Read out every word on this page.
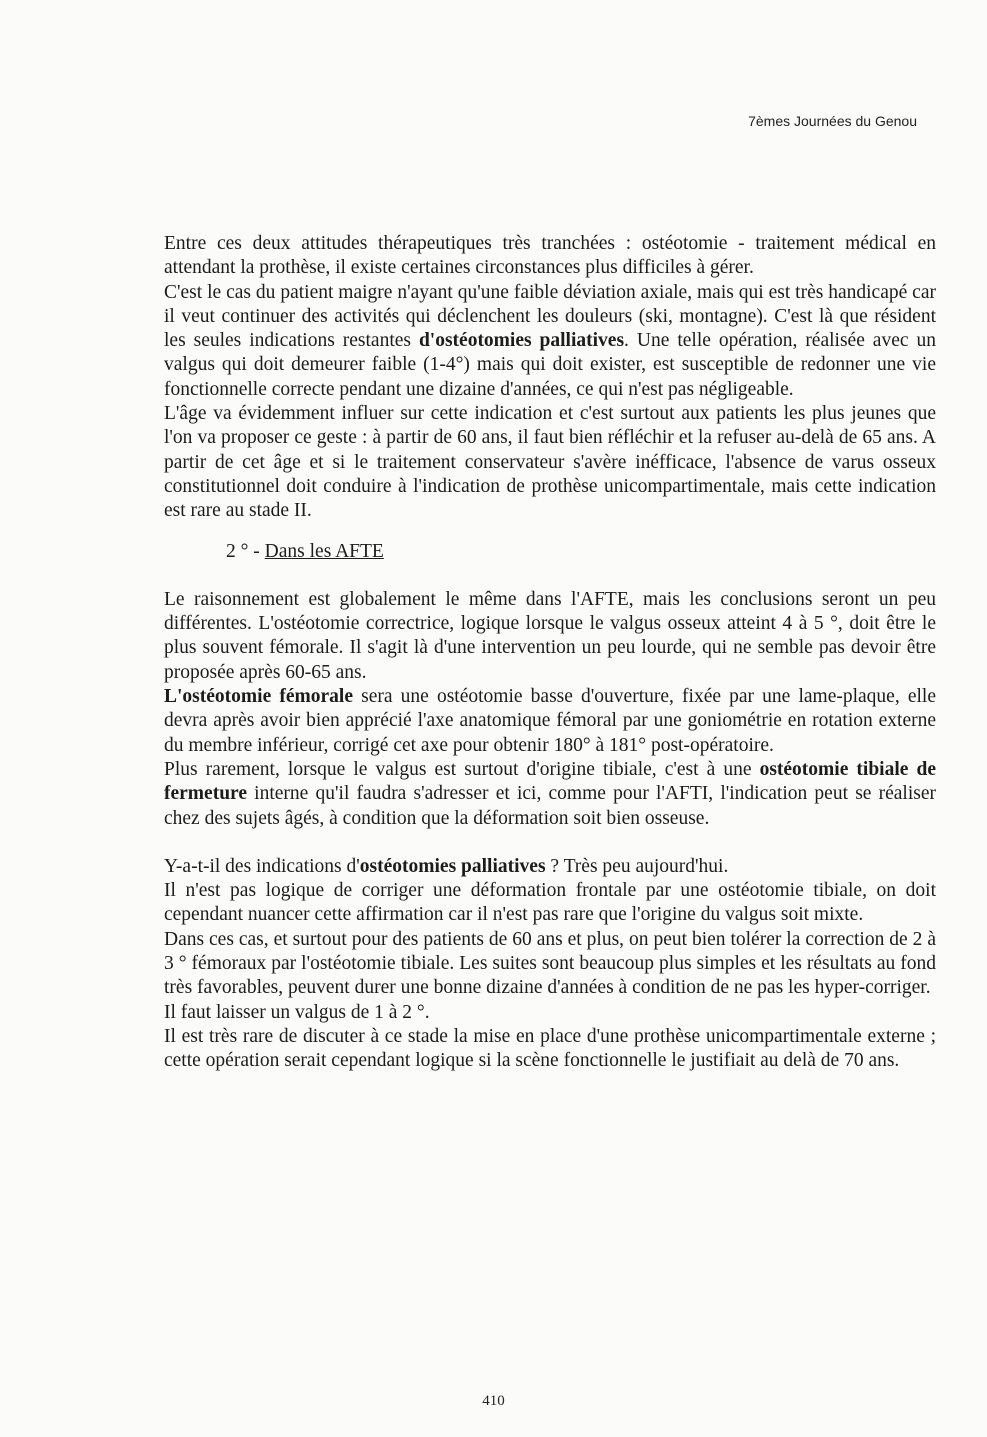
7èmes Journées du Genou

Entre ces deux attitudes thérapeutiques très tranchées : ostéotomie - traitement médical en attendant la prothèse, il existe certaines circonstances plus difficiles à gérer.

C'est le cas du patient maigre n'ayant qu'une faible déviation axiale, mais qui est très handicapé car il veut continuer des activités qui déclenchent les douleurs (ski, montagne). C'est là que résident les seules indications restantes d'ostéotomies palliatives. Une telle opération, réalisée avec un valgus qui doit demeurer faible (1-4°) mais qui doit exister, est susceptible de redonner une vie fonctionnelle correcte pendant une dizaine d'années, ce qui n'est pas négligeable.

L'âge va évidemment influer sur cette indication et c'est surtout aux patients les plus jeunes que l'on va proposer ce geste : à partir de 60 ans, il faut bien réfléchir et la refuser au-delà de 65 ans. A partir de cet âge et si le traitement conservateur s'avère inéfficace, l'absence de varus osseux constitutionnel doit conduire à l'indication de prothèse unicompartimentale, mais cette indication est rare au stade II.

2 ° - Dans les AFTE

Le raisonnement est globalement le même dans l'AFTE, mais les conclusions seront un peu différentes. L'ostéotomie correctrice, logique lorsque le valgus osseux atteint 4 à 5 °, doit être le plus souvent fémorale. Il s'agit là d'une intervention un peu lourde, qui ne semble pas devoir être proposée après 60-65 ans.

L'ostéotomie fémorale sera une ostéotomie basse d'ouverture, fixée par une lame-plaque, elle devra après avoir bien apprécié l'axe anatomique fémoral par une goniométrie en rotation externe du membre inférieur, corrigé cet axe pour obtenir 180° à 181° post-opératoire.

Plus rarement, lorsque le valgus est surtout d'origine tibiale, c'est à une ostéotomie tibiale de fermeture interne qu'il faudra s'adresser et ici, comme pour l'AFTI, l'indication peut se réaliser chez des sujets âgés, à condition que la déformation soit bien osseuse.

Y-a-t-il des indications d'ostéotomies palliatives ? Très peu aujourd'hui.

Il n'est pas logique de corriger une déformation frontale par une ostéotomie tibiale, on doit cependant nuancer cette affirmation car il n'est pas rare que l'origine du valgus soit mixte.

Dans ces cas, et surtout pour des patients de 60 ans et plus, on peut bien tolérer la correction de 2 à 3 ° fémoraux par l'ostéotomie tibiale. Les suites sont beaucoup plus simples et les résultats au fond très favorables, peuvent durer une bonne dizaine d'années à condition de ne pas les hyper-corriger.

Il faut laisser un valgus de 1 à 2 °.

Il est très rare de discuter à ce stade la mise en place d'une prothèse unicompartimentale externe ; cette opération serait cependant logique si la scène fonctionnelle le justifiait au delà de 70 ans.

410
